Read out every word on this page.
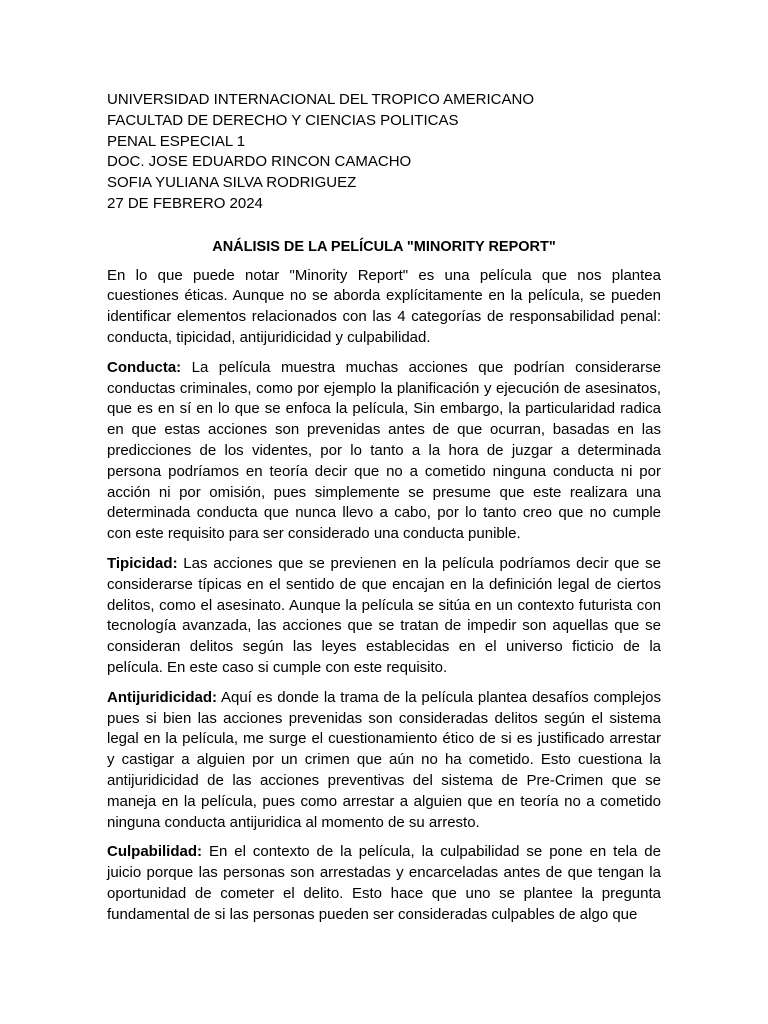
UNIVERSIDAD INTERNACIONAL DEL TROPICO AMERICANO
FACULTAD DE DERECHO Y CIENCIAS POLITICAS
PENAL ESPECIAL 1
DOC. JOSE EDUARDO RINCON CAMACHO
SOFIA YULIANA SILVA RODRIGUEZ
27 DE FEBRERO 2024
ANÁLISIS DE LA PELÍCULA "MINORITY REPORT"

En lo que puede notar "Minority Report" es una película que nos plantea cuestiones éticas. Aunque no se aborda explícitamente en la película, se pueden identificar elementos relacionados con las 4 categorías de responsabilidad penal: conducta, tipicidad, antijuridicidad y culpabilidad.

Conducta: La película muestra muchas acciones que podrían considerarse conductas criminales, como por ejemplo la planificación y ejecución de asesinatos, que es en sí en lo que se enfoca la película, Sin embargo, la particularidad radica en que estas acciones son prevenidas antes de que ocurran, basadas en las predicciones de los videntes, por lo tanto a la hora de juzgar a determinada persona podríamos en teoría decir que no a cometido ninguna conducta ni por acción ni por omisión, pues simplemente se presume que este realizara una determinada conducta que nunca llevo a cabo, por lo tanto creo que no cumple con este requisito para ser considerado una conducta punible.

Tipicidad: Las acciones que se previenen en la película podríamos decir que se considerarse típicas en el sentido de que encajan en la definición legal de ciertos delitos, como el asesinato. Aunque la película se sitúa en un contexto futurista con tecnología avanzada, las acciones que se tratan de impedir son aquellas que se consideran delitos según las leyes establecidas en el universo ficticio de la película. En este caso si cumple con este requisito.

Antijuridicidad: Aquí es donde la trama de la película plantea desafíos complejos pues si bien las acciones prevenidas son consideradas delitos según el sistema legal en la película, me surge el cuestionamiento ético de si es justificado arrestar y castigar a alguien por un crimen que aún no ha cometido. Esto cuestiona la antijuridicidad de las acciones preventivas del sistema de Pre-Crimen que se maneja en la película, pues como arrestar a alguien que en teoría no a cometido ninguna conducta antijuridica al momento de su arresto.

Culpabilidad: En el contexto de la película, la culpabilidad se pone en tela de juicio porque las personas son arrestadas y encarceladas antes de que tengan la oportunidad de cometer el delito. Esto hace que uno se plantee la pregunta fundamental de si las personas pueden ser consideradas culpables de algo que
